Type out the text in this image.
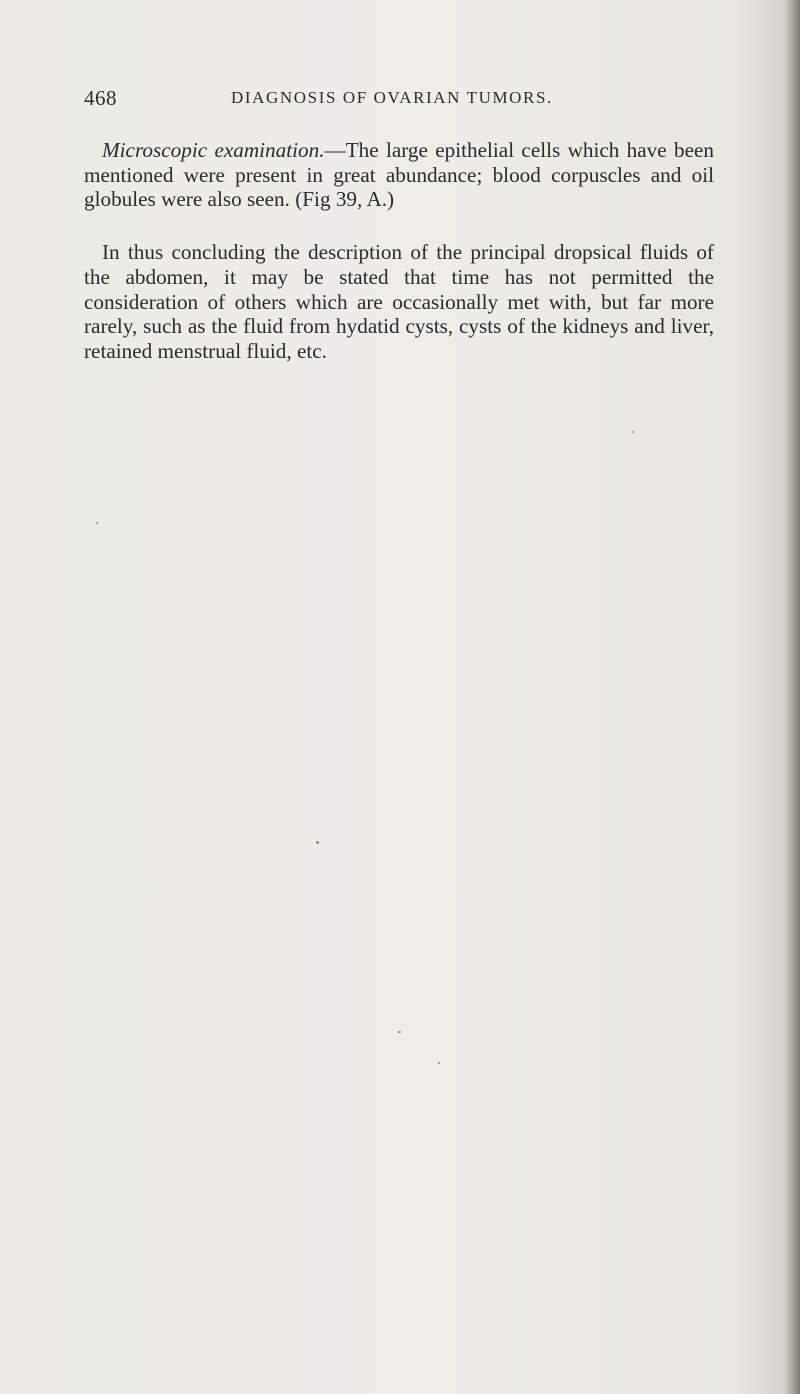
468	DIAGNOSIS OF OVARIAN TUMORS.

Microscopic examination.—The large epithelial cells which have been mentioned were present in great abundance; blood corpuscles and oil globules were also seen. (Fig 39, A.)

In thus concluding the description of the principal dropsical fluids of the abdomen, it may be stated that time has not permitted the consideration of others which are occasionally met with, but far more rarely, such as the fluid from hydatid cysts, cysts of the kidneys and liver, retained menstrual fluid, etc.
